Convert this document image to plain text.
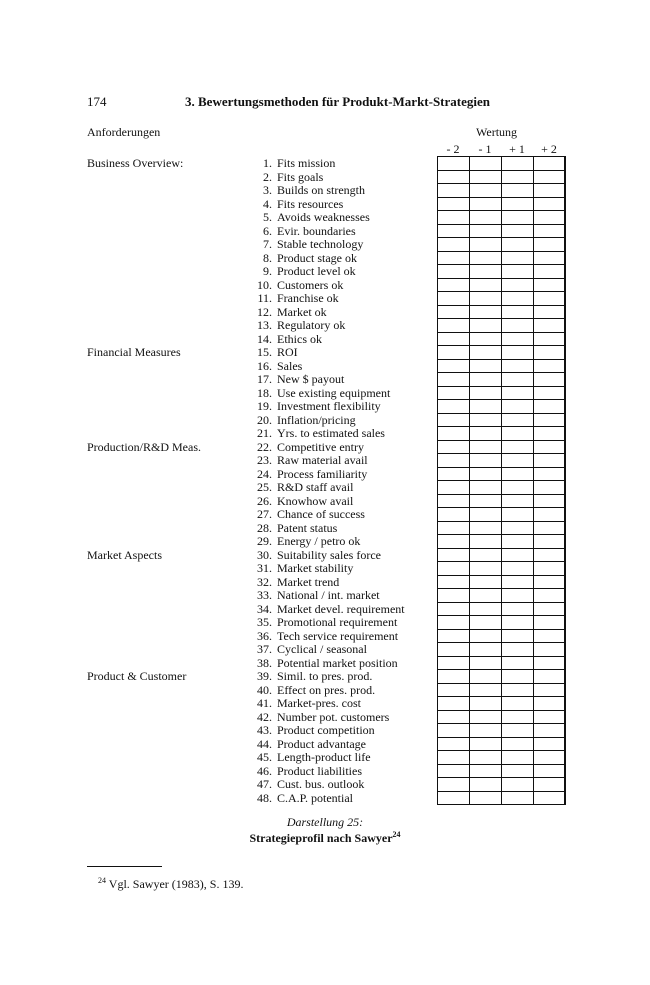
174	3. Bewertungsmethoden für Produkt-Markt-Strategien
Anforderungen	Wertung
- 2	- 1	+ 1	+ 2
Business Overview:	1. Fits mission
2. Fits goals
3. Builds on strength
4. Fits resources
5. Avoids weaknesses
6. Evir. boundaries
7. Stable technology
8. Product stage ok
9. Product level ok
10. Customers ok
11. Franchise ok
12. Market ok
13. Regulatory ok
14. Ethics ok
Financial Measures	15. ROI
16. Sales
17. New $ payout
18. Use existing equipment
19. Investment flexibility
20. Inflation/pricing
21. Yrs. to estimated sales
Production/R&D Meas.	22. Competitive entry
23. Raw material avail
24. Process familiarity
25. R&D staff avail
26. Knowhow avail
27. Chance of success
28. Patent status
29. Energy / petro ok
Market Aspects	30. Suitability sales force
31. Market stability
32. Market trend
33. National / int. market
34. Market devel. requirement
35. Promotional requirement
36. Tech service requirement
37. Cyclical / seasonal
38. Potential market position
Product & Customer	39. Simil. to pres. prod.
40. Effect on pres. prod.
41. Market-pres. cost
42. Number pot. customers
43. Product competition
44. Product advantage
45. Length-product life
46. Product liabilities
47. Cust. bus. outlook
48. C.A.P. potential
Darstellung 25:
Strategieprofil nach Sawyer$^{24}$
$^{24}$ Vgl. Sawyer (1983), S. 139.
